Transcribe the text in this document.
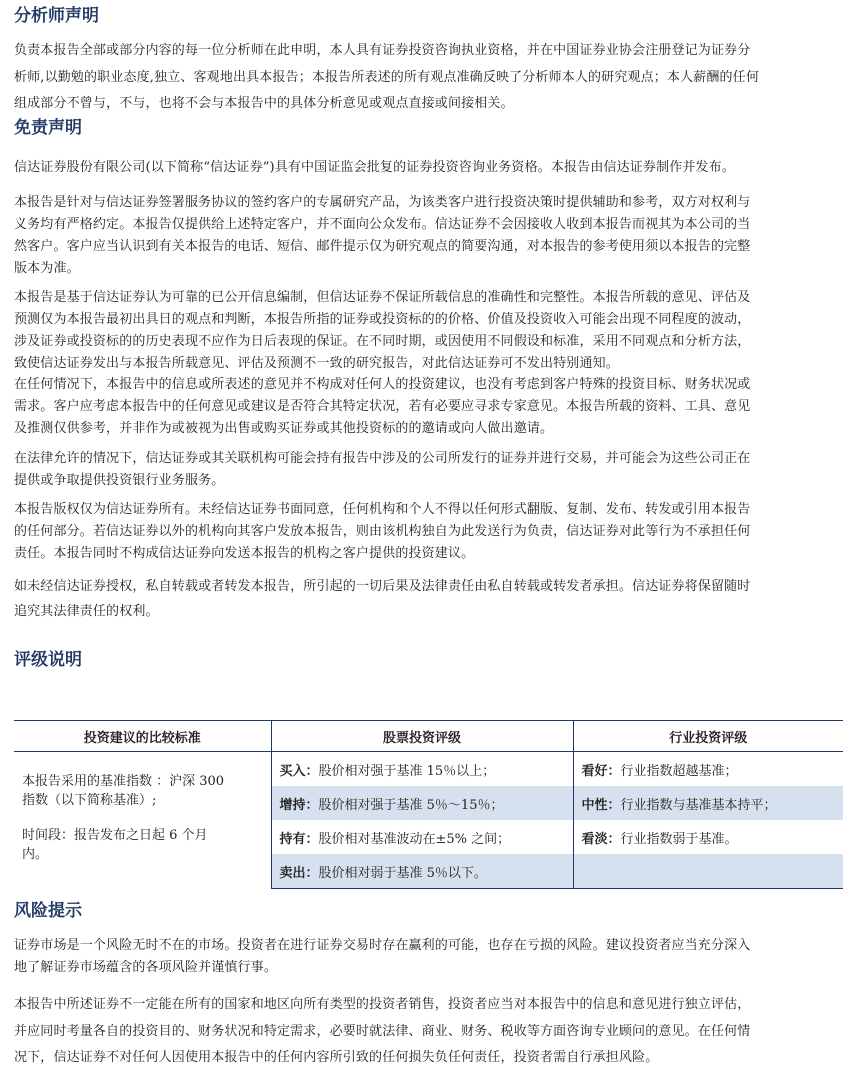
分析师声明
负责本报告全部或部分内容的每一位分析师在此申明，本人具有证券投资咨询执业资格，并在中国证券业协会注册登记为证券分
析师,以勤勉的职业态度,独立、客观地出具本报告；本报告所表述的所有观点准确反映了分析师本人的研究观点；本人薪酬的任何
组成部分不曾与，不与，也将不会与本报告中的具体分析意见或观点直接或间接相关。
免责声明
信达证券股份有限公司(以下简称“信达证券”)具有中国证监会批复的证券投资咨询业务资格。本报告由信达证券制作并发布。
本报告是针对与信达证券签署服务协议的签约客户的专属研究产品，为该类客户进行投资决策时提供辅助和参考，双方对权利与
义务均有严格约定。本报告仅提供给上述特定客户，并不面向公众发布。信达证券不会因接收人收到本报告而视其为本公司的当
然客户。客户应当认识到有关本报告的电话、短信、邮件提示仅为研究观点的简要沟通，对本报告的参考使用须以本报告的完整
版本为准。
本报告是基于信达证券认为可靠的已公开信息编制，但信达证券不保证所载信息的准确性和完整性。本报告所载的意见、评估及
预测仅为本报告最初出具日的观点和判断，本报告所指的证券或投资标的的价格、价值及投资收入可能会出现不同程度的波动，
涉及证券或投资标的的历史表现不应作为日后表现的保证。在不同时期，或因使用不同假设和标准，采用不同观点和分析方法，
致使信达证券发出与本报告所载意见、评估及预测不一致的研究报告，对此信达证券可不发出特别通知。
在任何情况下，本报告中的信息或所表述的意见并不构成对任何人的投资建议，也没有考虑到客户特殊的投资目标、财务状况或
需求。客户应考虑本报告中的任何意见或建议是否符合其特定状况，若有必要应寻求专家意见。本报告所载的资料、工具、意见
及推测仅供参考，并非作为或被视为出售或购买证券或其他投资标的的邀请或向人做出邀请。
在法律允许的情况下，信达证券或其关联机构可能会持有报告中涉及的公司所发行的证券并进行交易，并可能会为这些公司正在
提供或争取提供投资银行业务服务。
本报告版权仅为信达证券所有。未经信达证券书面同意，任何机构和个人不得以任何形式翻版、复制、发布、转发或引用本报告
的任何部分。若信达证券以外的机构向其客户发放本报告，则由该机构独自为此发送行为负责，信达证券对此等行为不承担任何
责任。本报告同时不构成信达证券向发送本报告的机构之客户提供的投资建议。
如未经信达证券授权，私自转载或者转发本报告，所引起的一切后果及法律责任由私自转载或转发者承担。信达证券将保留随时
追究其法律责任的权利。
评级说明
投资建议的比较标准	股票投资评级	行业投资评级

本报告采用的基准指数 ：沪深 300
指数（以下简称基准）;
时间段：报告发布之日起 6 个月
内。	买入：股价相对强于基准 15％以上；	看好：行业指数超越基准；
	增持：股价相对强于基准 5％～15％；	中性：行业指数与基准基本持平；
	持有：股价相对基准波动在±5% 之间；	看淡：行业指数弱于基准。
	卖出：股价相对弱于基准 5％以下。	
风险提示
证券市场是一个风险无时不在的市场。投资者在进行证券交易时存在赢利的可能，也存在亏损的风险。建议投资者应当充分深入
地了解证券市场蕴含的各项风险并谨慎行事。
本报告中所述证券不一定能在所有的国家和地区向所有类型的投资者销售，投资者应当对本报告中的信息和意见进行独立评估，
并应同时考量各自的投资目的、财务状况和特定需求，必要时就法律、商业、财务、税收等方面咨询专业顾问的意见。在任何情
况下，信达证券不对任何人因使用本报告中的任何内容所引致的任何损失负任何责任，投资者需自行承担风险。
